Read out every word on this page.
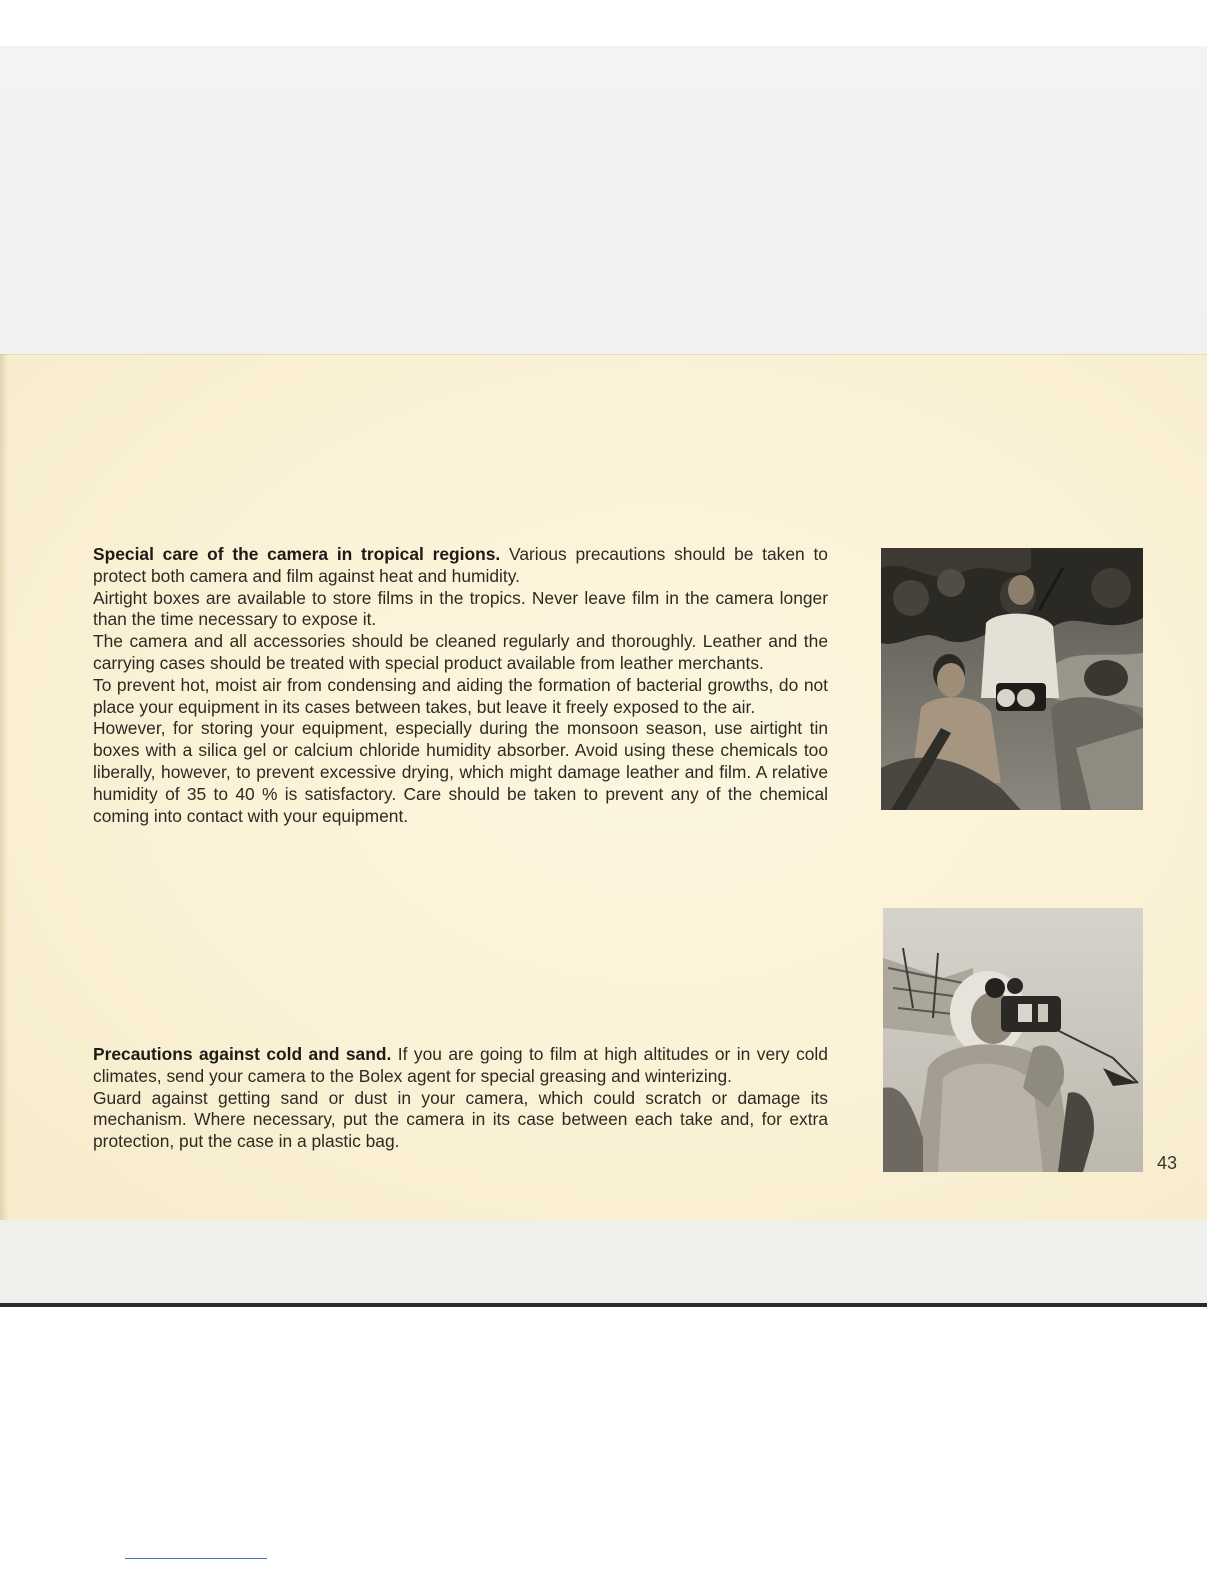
Special care of the camera in tropical regions. Various precautions should be taken to protect both camera and film against heat and humidity.

Airtight boxes are available to store films in the tropics. Never leave film in the camera longer than the time necessary to expose it.

The camera and all accessories should be cleaned regularly and thoroughly. Leather and the carrying cases should be treated with special product available from leather merchants.

To prevent hot, moist air from condensing and aiding the formation of bacterial growths, do not place your equipment in its cases between takes, but leave it freely exposed to the air.

However, for storing your equipment, especially during the monsoon season, use airtight tin boxes with a silica gel or calcium chloride humidity absorber. Avoid using these chemicals too liberally, however, to prevent excessive drying, which might damage leather and film. A relative humidity of 35 to 40 % is satisfactory. Care should be taken to prevent any of the chemical coming into contact with your equipment.

Precautions against cold and sand. If you are going to film at high altitudes or in very cold climates, send your camera to the Bolex agent for special greasing and winterizing.

Guard against getting sand or dust in your camera, which could scratch or damage its mechanism. Where necessary, put the camera in its case between each take and, for extra protection, put the case in a plastic bag.

43
